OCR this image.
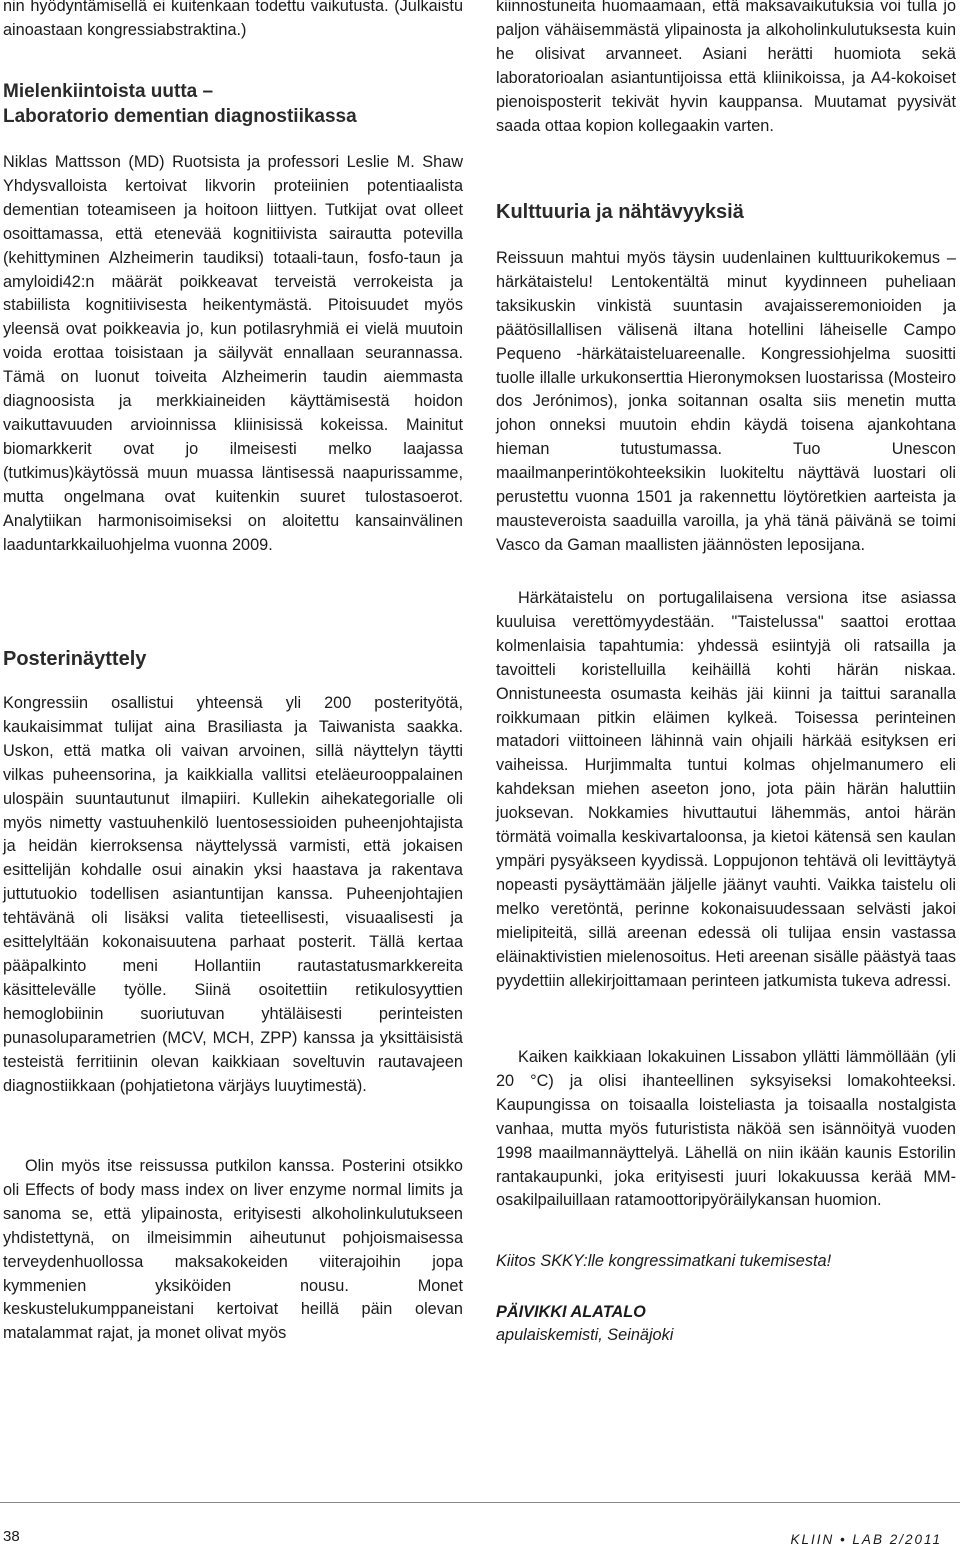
nin hyödyntämisellä ei kuitenkaan todettu vaikutusta. (Julkaistu ainoastaan kongressiabstraktina.)

Mielenkiintoista uutta –
Laboratorio dementian diagnostiikassa

Niklas Mattsson (MD) Ruotsista ja professori Leslie M. Shaw Yhdysvalloista kertoivat likvorin proteiinien potentiaalista dementian toteamiseen ja hoitoon liittyen. Tutkijat ovat olleet osoittamassa, että etenevää kognitiivista sairautta potevilla (kehittyminen Alzheimerin taudiksi) totaali-taun, fosfo-taun ja amyloidi42:n määrät poikkeavat terveistä verrokeista ja stabiilista kognitiivisesta heikentymästä. Pitoisuudet myös yleensä ovat poikkeavia jo, kun potilasryhmiä ei vielä muutoin voida erottaa toisistaan ja säilyvät ennallaan seurannassa. Tämä on luonut toiveita Alzheimerin taudin aiemmasta diagnoosista ja merkkiaineiden käyttämisestä hoidon vaikuttavuuden arvioinnissa kliinisissä kokeissa. Mainitut biomarkkerit ovat jo ilmeisesti melko laajassa (tutkimus)käytössä muun muassa läntisessä naapurissamme, mutta ongelmana ovat kuitenkin suuret tulostasoerot. Analytiikan harmonisoimiseksi on aloitettu kansainvälinen laaduntarkkailuohjelma vuonna 2009.

Posterinäyttely

Kongressiin osallistui yhteensä yli 200 posterityötä, kaukaisimmat tulijat aina Brasiliasta ja Taiwanista saakka. Uskon, että matka oli vaivan arvoinen, sillä näyttelyn täytti vilkas puheensorina, ja kaikkialla vallitsi eteläeurooppalainen ulospäin suuntautunut ilmapiiri. Kullekin aihekategorialle oli myös nimetty vastuuhenkilö luentosessioiden puheenjohtajista ja heidän kierroksensa näyttelyssä varmisti, että jokaisen esittelijän kohdalle osui ainakin yksi haastava ja rakentava juttutuokio todellisen asiantuntijan kanssa. Puheenjohtajien tehtävänä oli lisäksi valita tieteellisesti, visuaalisesti ja esittelyltään kokonaisuutena parhaat posterit. Tällä kertaa pääpalkinto meni Hollantiin rautastatusmarkkereita käsittelevälle työlle. Siinä osoitettiin retikulosyyttien hemoglobiinin suoriutuvan yhtäläisesti perinteisten punasoluparametrien (MCV, MCH, ZPP) kanssa ja yksittäisistä testeistä ferritiinin olevan kaikkiaan soveltuvin rautavajeen diagnostiikkaan (pohjatietona värjäys luuytimestä).

Olin myös itse reissussa putkilon kanssa. Posterini otsikko oli Effects of body mass index on liver enzyme normal limits ja sanoma se, että ylipainosta, erityisesti alkoholinkulutukseen yhdistettynä, on ilmeisimmin aiheutunut pohjoismaisessa terveydenhuollossa maksakokeiden viiterajoihin jopa kymmenien yksiköiden nousu. Monet keskustelukumppaneistani kertoivat heillä päin olevan matalammat rajat, ja monet olivat myös

kiinnostuneita huomaamaan, että maksavaikutuksia voi tulla jo paljon vähäisemmästä ylipainosta ja alkoholinkulutuksesta kuin he olisivat arvanneet. Asiani herätti huomiota sekä laboratorioalan asiantuntijoissa että kliinikoissa, ja A4-kokoiset pienoisposterit tekivät hyvin kauppansa. Muutamat pyysivät saada ottaa kopion kollegaakin varten.

Kulttuuria ja nähtävyyksiä

Reissuun mahtui myös täysin uudenlainen kulttuurikokemus – härkätaistelu! Lentokentältä minut kyydinneen puheliaan taksikuskin vinkistä suuntasin avajaisseremonioiden ja päätösillallisen välisenä iltana hotellini läheiselle Campo Pequeno -härkätaisteluareenalle. Kongressiohjelma suositti tuolle illalle urkukonserttia Hieronymoksen luostarissa (Mosteiro dos Jerónimos), jonka soitannan osalta siis menetin mutta johon onneksi muutoin ehdin käydä toisena ajankohtana hieman tutustumassa. Tuo Unescon maailmanperintökohteeksikin luokiteltu näyttävä luostari oli perustettu vuonna 1501 ja rakennettu löytöretkien aarteista ja mausteveroista saaduilla varoilla, ja yhä tänä päivänä se toimi Vasco da Gaman maallisten jäännösten leposijana.

Härkätaistelu on portugalilaisena versiona itse asiassa kuuluisa verettömyydestään. "Taistelussa" saattoi erottaa kolmenlaisia tapahtumia: yhdessä esiintyjä oli ratsailla ja tavoitteli koristelluilla keihäillä kohti härän niskaa. Onnistuneesta osumasta keihäs jäi kiinni ja taittui saranalla roikkumaan pitkin eläimen kylkeä. Toisessa perinteinen matadori viittoineen lähinnä vain ohjaili härkää esityksen eri vaiheissa. Hurjimmalta tuntui kolmas ohjelmanumero eli kahdeksan miehen aseeton jono, jota päin härän haluttiin juoksevan. Nokkamies hivuttautui lähemmäs, antoi härän törmätä voimalla keskivartaloonsa, ja kietoi kätensä sen kaulan ympäri pysyäkseen kyydissä. Loppujonon tehtävä oli levittäytyä nopeasti pysäyttämään jäljelle jäänyt vauhti. Vaikka taistelu oli melko veretöntä, perinne kokonaisuudessaan selvästi jakoi mielipiteitä, sillä areenan edessä oli tulijaa ensin vastassa eläinaktivistien mielenosoitus. Heti areenan sisälle päästyä taas pyydettiin allekirjoittamaan perinteen jatkumista tukeva adressi.

Kaiken kaikkiaan lokakuinen Lissabon yllätti lämmöllään (yli 20 °C) ja olisi ihanteellinen syksyiseksi lomakohteeksi. Kaupungissa on toisaalla loisteliasta ja toisaalla nostalgista vanhaa, mutta myös futuristista näköä sen isännöityä vuoden 1998 maailmannäyttelyä. Lähellä on niin ikään kaunis Estorilin rantakaupunki, joka erityisesti juuri lokakuussa kerää MM-osakilpailuillaan ratamoottoripyöräilykansan huomion.

Kiitos SKKY:lle kongressimatkani tukemisesta!

PÄIVIKKI ALATALO
apulaiskemisti, Seinäjoki
38	KLIIN • LAB 2/2011
